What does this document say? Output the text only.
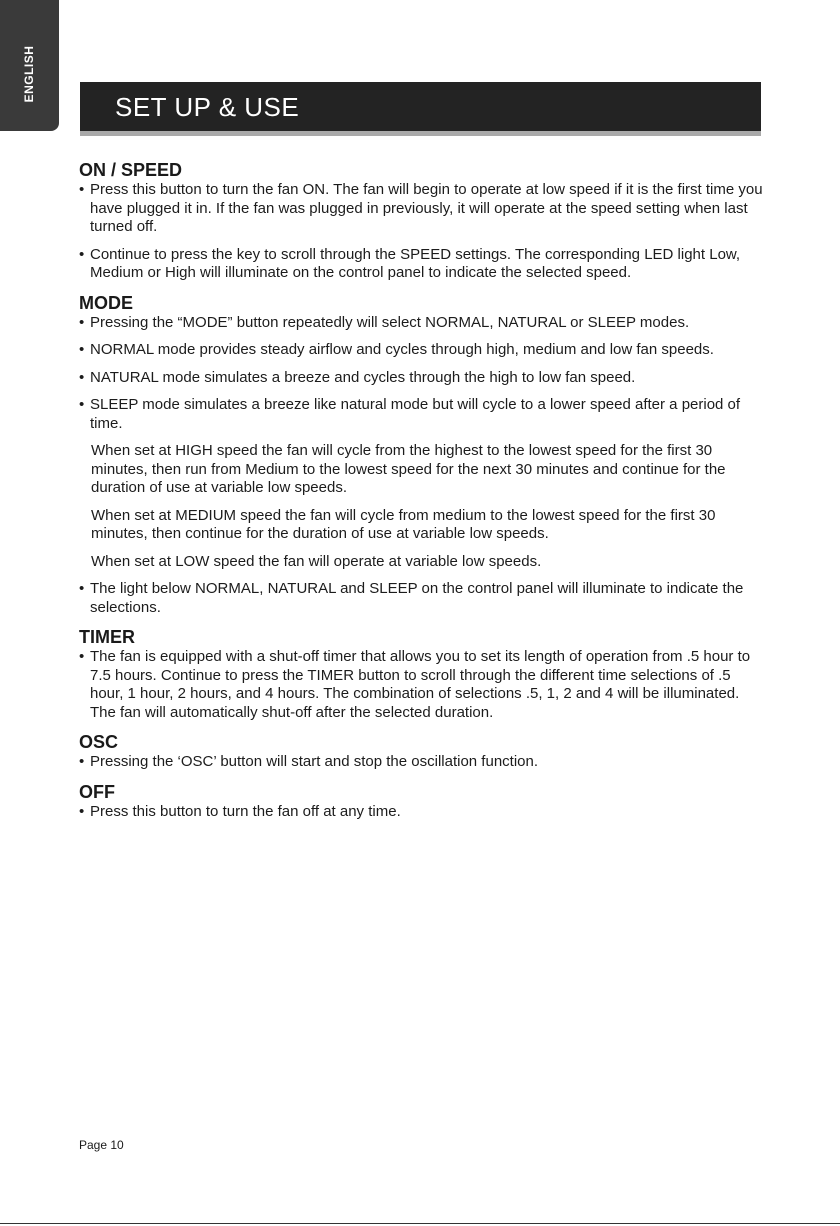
ENGLISH
SET UP & USE
ON / SPEED

• Press this button to turn the fan ON. The fan will begin to operate at low speed if it is the first time you have plugged it in. If the fan was plugged in previously, it will operate at the speed setting when last turned off.

• Continue to press the key to scroll through the SPEED settings. The corresponding LED light Low, Medium or High will illuminate on the control panel to indicate the selected speed.

MODE

• Pressing the “MODE” button repeatedly will select NORMAL, NATURAL or SLEEP modes.

• NORMAL mode provides steady airflow and cycles through high, medium and low fan speeds.

• NATURAL mode simulates a breeze and cycles through the high to low fan speed.

• SLEEP mode simulates a breeze like natural mode but will cycle to a lower speed after a period of time.

When set at HIGH speed the fan will cycle from the highest to the lowest speed for the first 30 minutes, then run from Medium to the lowest speed for the next 30 minutes and continue for the duration of use at variable low speeds.

When set at MEDIUM speed the fan will cycle from medium to the lowest speed for the first 30 minutes, then continue for the duration of use at variable low speeds.

When set at LOW speed the fan will operate at variable low speeds.

• The light below NORMAL, NATURAL and SLEEP on the control panel will illuminate to indicate the selections.

TIMER

• The fan is equipped with a shut-off timer that allows you to set its length of operation from .5 hour to 7.5 hours. Continue to press the TIMER button to scroll through the different time selections of .5 hour, 1 hour, 2 hours, and 4 hours. The combination of selections .5, 1, 2 and 4 will be illuminated. The fan will automatically shut-off after the selected duration.

OSC

• Pressing the ‘OSC’ button will start and stop the oscillation function.

OFF

• Press this button to turn the fan off at any time.

Page 10
